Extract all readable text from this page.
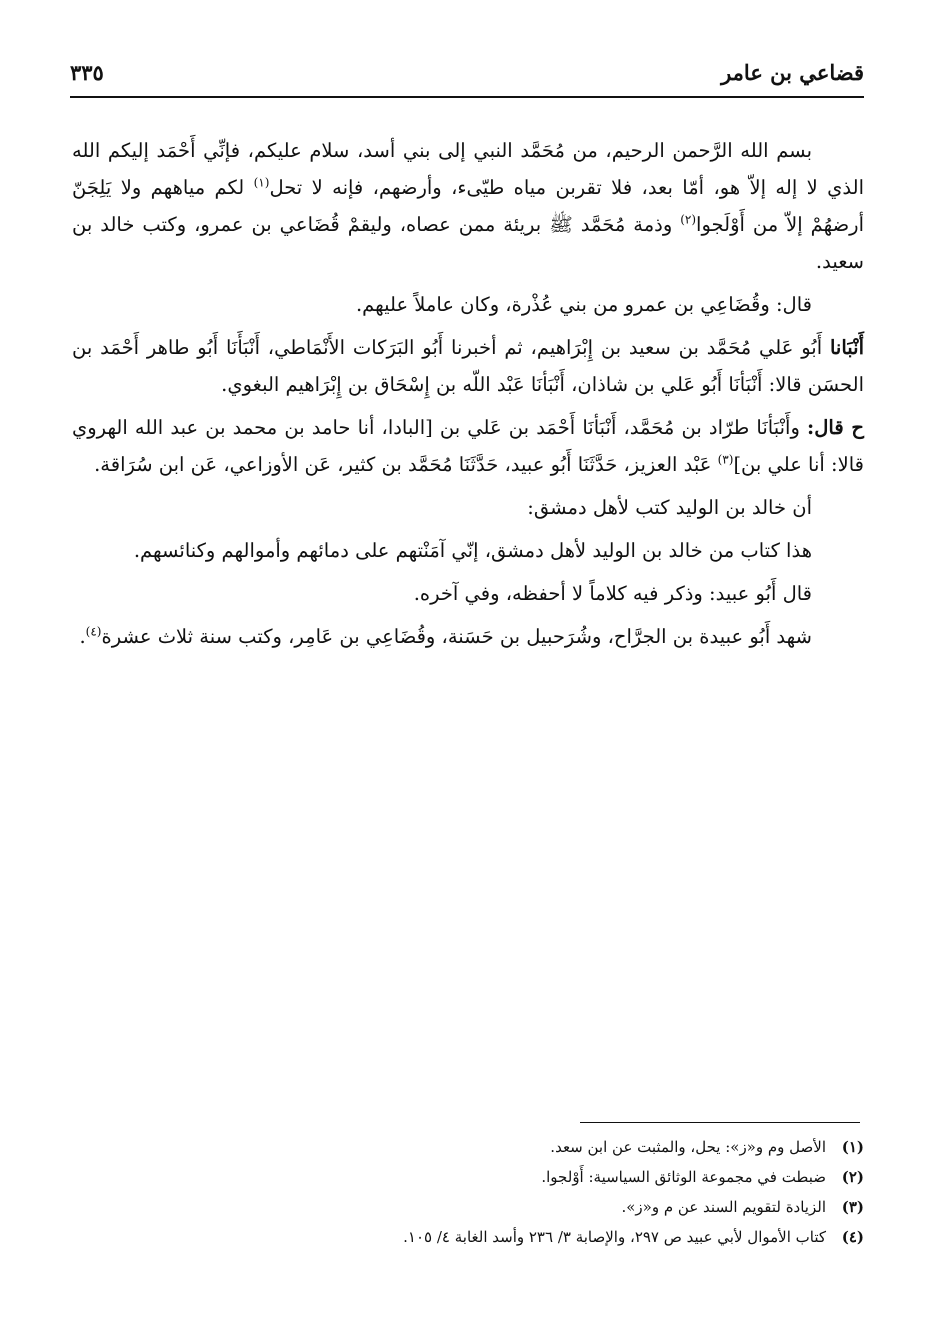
قضاعي بن عامر
٣٣٥

بسم الله الرَّحمن الرحيم، من مُحَمَّد النبي إلى بني أسد، سلام عليكم، فإنِّي أَحْمَد إليكم الله الذي لا إله إلاّ هو، أمّا بعد، فلا تقربن مياه طيّىء، وأرضهم، فإنه لا تحل$^{(١)}$ لكم مياههم ولا يَلِجَنّ أرضهُمْ إلاّ من أَوْلَجوا$^{(٢)}$ وذمة مُحَمَّد ﷺ بريئة ممن عصاه، وليقمْ قُضَاعي بن عمرو، وكتب خالد بن سعيد.

قال: وقُضَاعِي بن عمرو من بني عُذْرة، وكان عاملاً عليهم.

أَنْبَانا أَبُو عَلي مُحَمَّد بن سعيد بن إِبْرَاهيم، ثم أخبرنا أَبُو البَرَكات الأَنْمَاطي، أَنْبَأَنَا أَبُو طاهر أَحْمَد بن الحسَن قالا: أَنْبَأنَا أَبُو عَلي بن شاذان، أَنْبَأنَا عَبْد اللّه بن إِسْحَاق بن إِبْرَاهيم البغوي.

ح قال: وأَنْبَأنَا طرّاد بن مُحَمَّد، أَنْبَأنَا أَحْمَد بن عَلي بن [البادا، أنا حامد بن محمد بن عبد الله الهروي قالا: أنا علي بن]$^{(٣)}$ عَبْد العزيز، حَدَّثَنَا أَبُو عبيد، حَدَّثَنَا مُحَمَّد بن كثير، عَن الأوزاعي، عَن ابن سُرَاقة.

أن خالد بن الوليد كتب لأهل دمشق:

هذا كتاب من خالد بن الوليد لأهل دمشق، إنّي آمَنْتهم على دمائهم وأموالهم وكنائسهم.

قال أَبُو عبيد: وذكر فيه كلاماً لا أحفظه، وفي آخره.

شهد أَبُو عبيدة بن الجرَّاح، وشُرَحبيل بن حَسَنة، وقُضَاعِي بن عَامِر، وكتب سنة ثلاث عشرة$^{(٤)}$.

(١)
الأصل وم و«ز»: يحل، والمثبت عن ابن سعد.
(٢)
ضبطت في مجموعة الوثائق السياسية: أَوْلجوا.
(٣)
الزيادة لتقويم السند عن م و«ز».
(٤)
كتاب الأموال لأبي عبيد ص ٢٩٧، والإصابة ٣/ ٢٣٦ وأسد الغابة ٤/ ١٠٥.
